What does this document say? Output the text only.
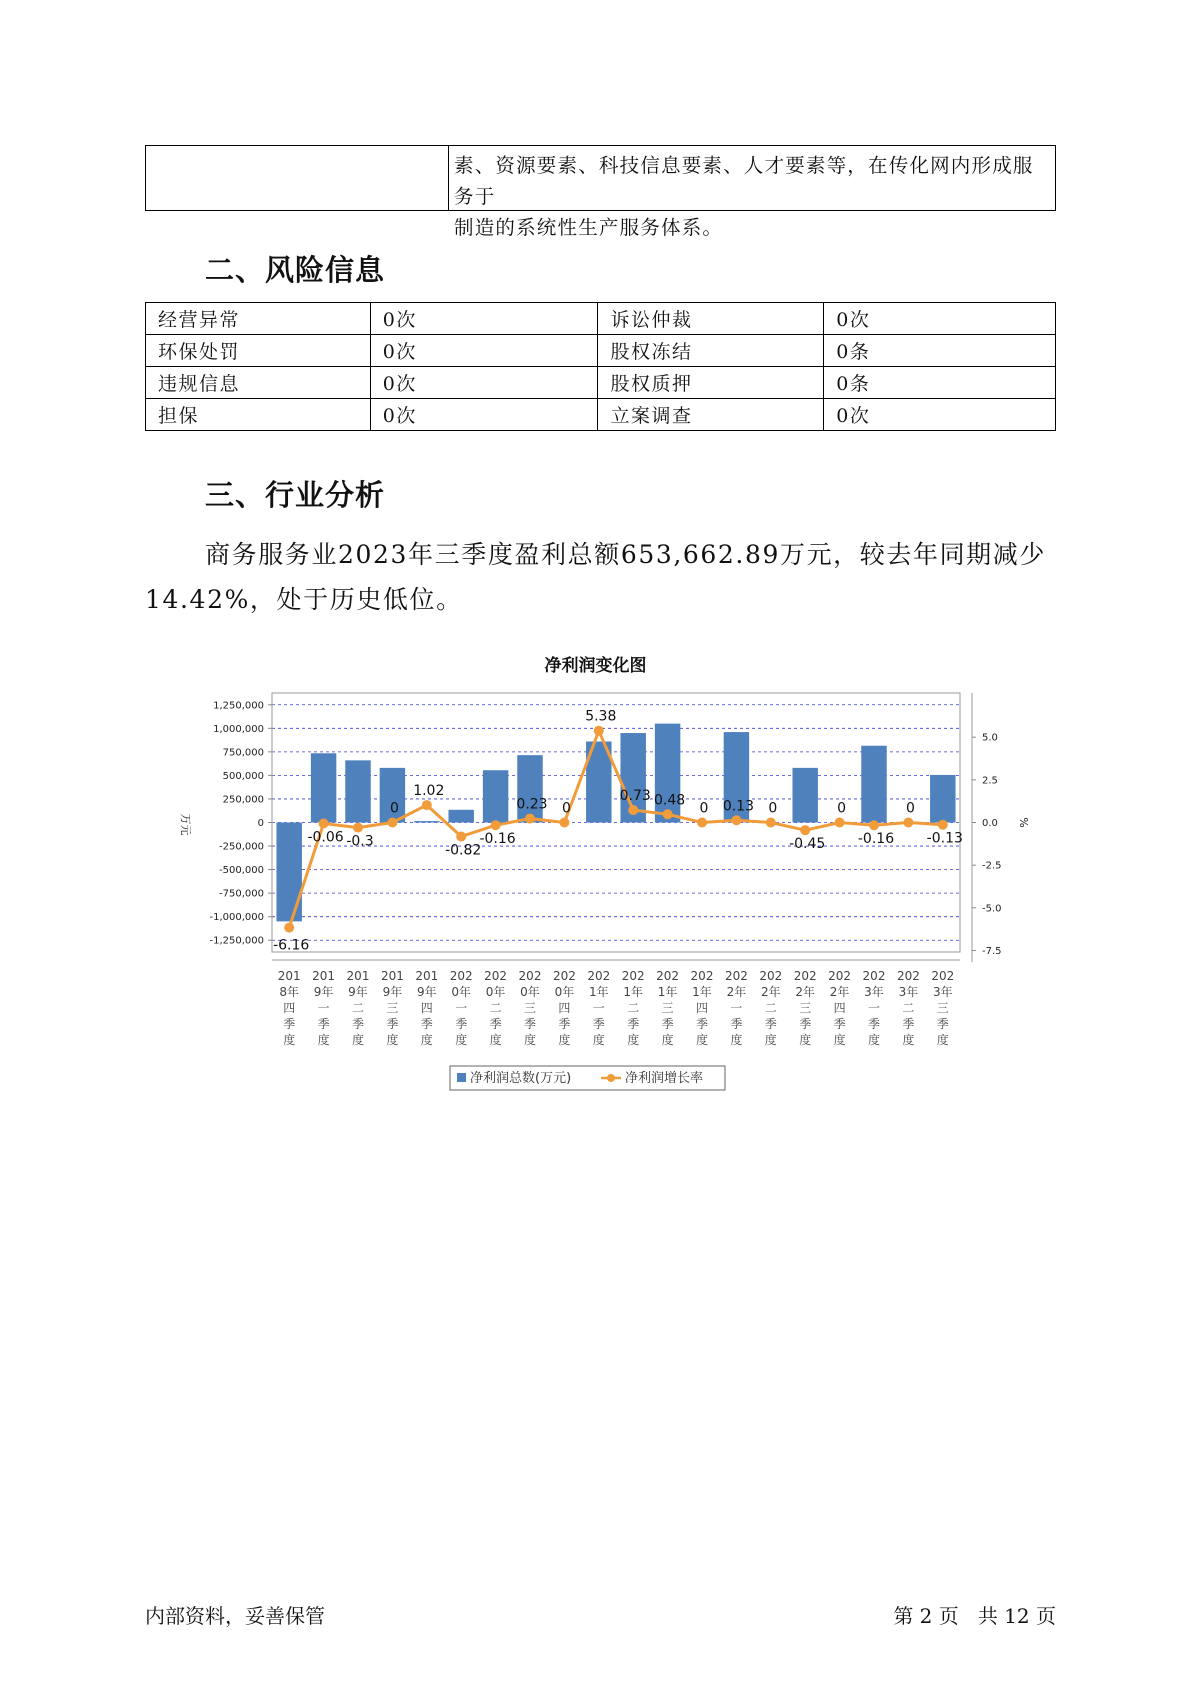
素、资源要素、科技信息要素、人才要素等，在传化网内形成服务于
制造的系统性生产服务体系。
二、风险信息
经营异常	0次	诉讼仲裁	0次
环保处罚	0次	股权冻结	0条
违规信息	0次	股权质押	0条
担保	0次	立案调查	0次
三、行业分析
商务服务业2023年三季度盈利总额653,662.89万元，较去年同期减少14.42%，处于历史低位。
净利润变化图
1,250,000
1,000,000
750,000
500,000
250,000
0
-250,000
-500,000
-750,000
-1,000,000
-1,250,000
5.0
2.5
0.0
-2.5
-5.0
-7.5
万元	%
-6.16
-0.06 -0.3
0
1.02
-0.82
-0.16
0.23 0
5.38
0.73 0.48
0 0.13 0
-0.45
0
-0.16
0
-0.13
201
8年
四
季
度
201
9年
一
季
度
201
9年
二
季
度
201
9年
三
季
度
201
9年
四
季
度
202
0年
一
季
度
202
0年
二
季
度
202
0年
三
季
度
202
0年
四
季
度
202
1年
一
季
度
202
1年
二
季
度
202
1年
三
季
度
202
1年
四
季
度
202
2年
一
季
度
202
2年
二
季
度
202
2年
三
季
度
202
2年
四
季
度
202
3年
一
季
度
202
3年
二
季
度
202
3年
三
季
度
净利润总数(万元)	净利润增长率
内部资料，妥善保管	第 2 页   共 12 页
